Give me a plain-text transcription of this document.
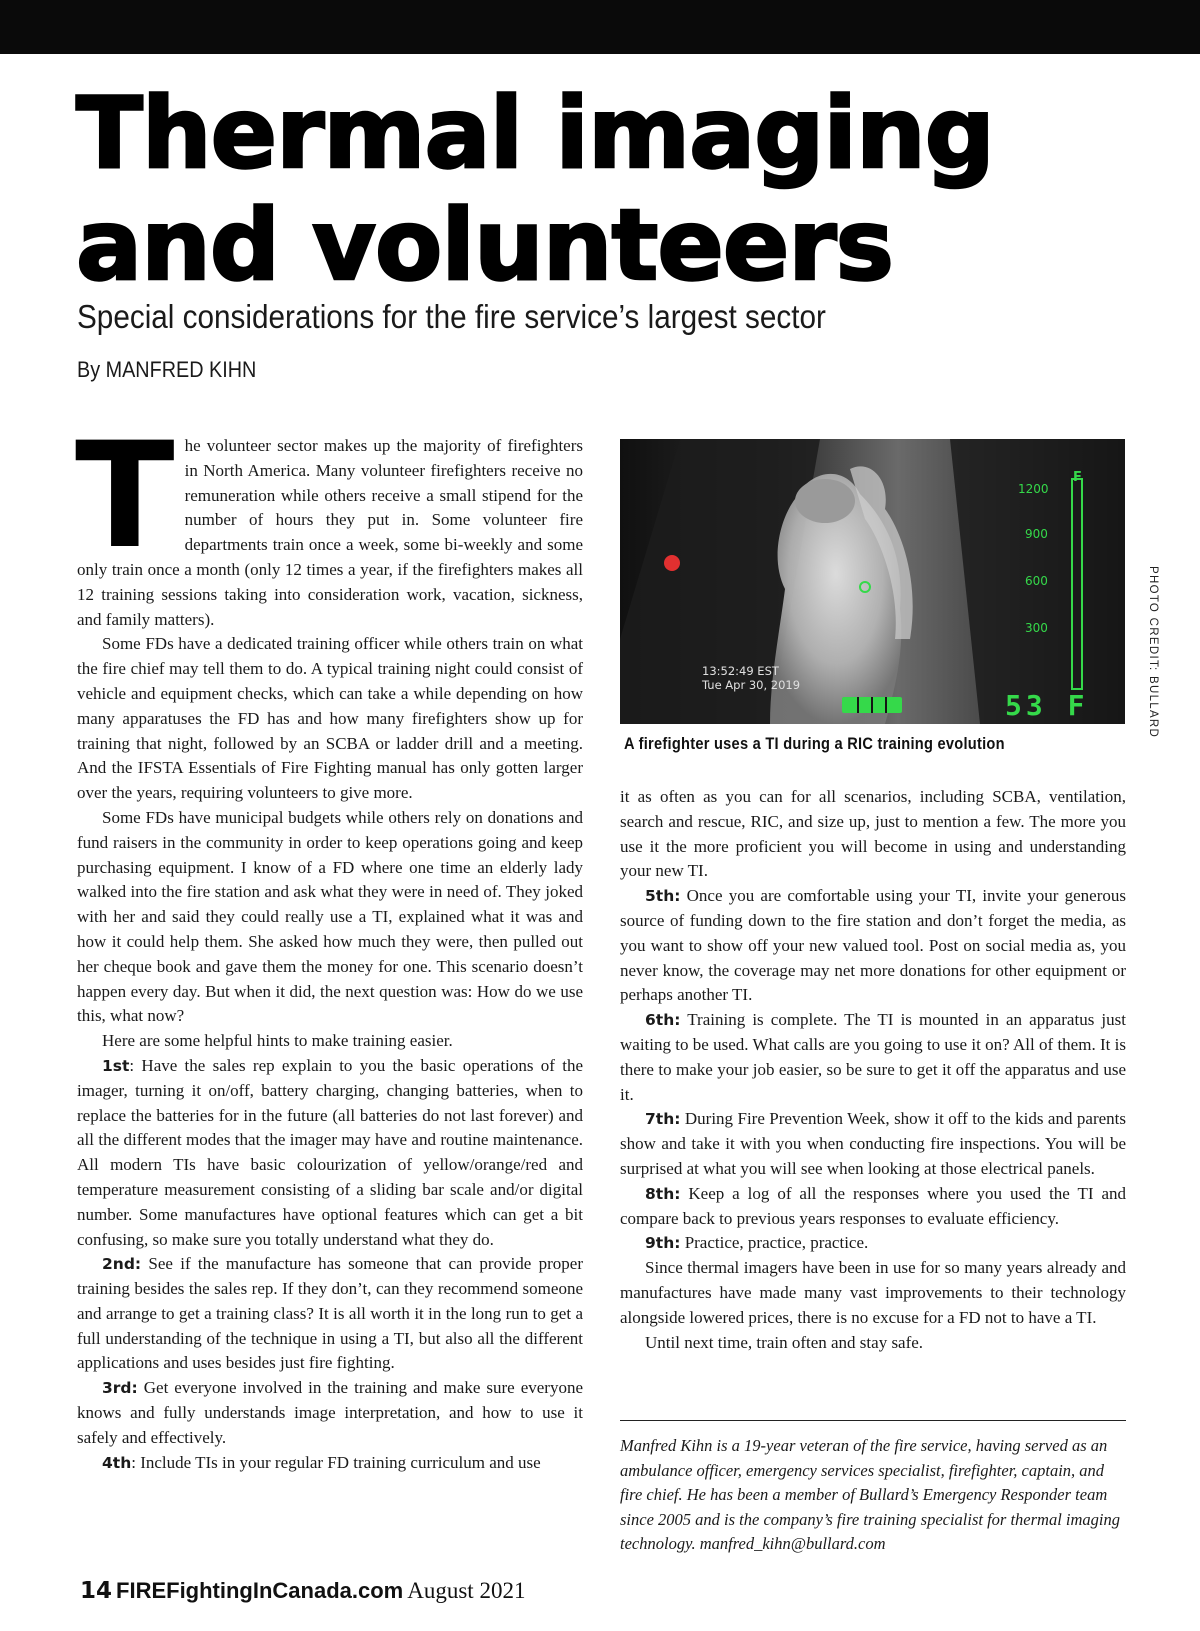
Thermal imaging
and volunteers
Special considerations for the fire service’s largest sector

By MANFRED KIHN

The volunteer sector makes up the majority of firefighters in North America. Many volunteer firefighters receive no remuneration while others receive a small stipend for the number of hours they put in. Some volunteer fire departments train once a week, some bi-weekly and some only train once a month (only 12 times a year, if the firefighters makes all 12 training sessions taking into consideration work, vacation, sickness, and family matters).

Some FDs have a dedicated training officer while others train on what the fire chief may tell them to do. A typical training night could consist of vehicle and equipment checks, which can take a while depending on how many apparatuses the FD has and how many firefighters show up for training that night, followed by an SCBA or ladder drill and a meeting. And the IFSTA Essentials of Fire Fighting manual has only gotten larger over the years, requiring volunteers to give more.

Some FDs have municipal budgets while others rely on donations and fund raisers in the community in order to keep operations going and keep purchasing equipment. I know of a FD where one time an elderly lady walked into the fire station and ask what they were in need of. They joked with her and said they could really use a TI, explained what it was and how it could help them. She asked how much they were, then pulled out her cheque book and gave them the money for one. This scenario doesn’t happen every day. But when it did, the next question was: How do we use this, what now?

Here are some helpful hints to make training easier.

1st: Have the sales rep explain to you the basic operations of the imager, turning it on/off, battery charging, changing batteries, when to replace the batteries for in the future (all batteries do not last forever) and all the different modes that the imager may have and routine maintenance. All modern TIs have basic colourization of yellow/orange/red and temperature measurement consisting of a sliding bar scale and/or digital number. Some manufactures have optional features which can get a bit confusing, so make sure you totally understand what they do.

2nd: See if the manufacture has someone that can provide proper training besides the sales rep. If they don’t, can they recommend someone and arrange to get a training class? It is all worth it in the long run to get a full understanding of the technique in using a TI, but also all the different applications and uses besides just fire fighting.

3rd: Get everyone involved in the training and make sure everyone knows and fully understands image interpretation, and how to use it safely and effectively.

4th: Include TIs in your regular FD training curriculum and use

F
1200
900
600
300
13:52:49 EST
Tue Apr 30, 2019
53 F	PHOTO CREDIT: BULLARD

A firefighter uses a TI during a RIC training evolution

it as often as you can for all scenarios, including SCBA, ventilation, search and rescue, RIC, and size up, just to mention a few. The more you use it the more proficient you will become in using and understanding your new TI.

5th: Once you are comfortable using your TI, invite your generous source of funding down to the fire station and don’t forget the media, as you want to show off your new valued tool. Post on social media as, you never know, the coverage may net more donations for other equipment or perhaps another TI.

6th: Training is complete. The TI is mounted in an apparatus just waiting to be used. What calls are you going to use it on? All of them. It is there to make your job easier, so be sure to get it off the apparatus and use it.

7th: During Fire Prevention Week, show it off to the kids and parents show and take it with you when conducting fire inspections. You will be surprised at what you will see when looking at those electrical panels.

8th: Keep a log of all the responses where you used the TI and compare back to previous years responses to evaluate efficiency.

9th: Practice, practice, practice.

Since thermal imagers have been in use for so many years already and manufactures have made many vast improvements to their technology alongside lowered prices, there is no excuse for a FD not to have a TI.

Until next time, train often and stay safe.

Manfred Kihn is a 19-year veteran of the fire service, having served as an ambulance officer, emergency services specialist, firefighter, captain, and fire chief. He has been a member of Bullard’s Emergency Responder team since 2005 and is the company’s fire training specialist for thermal imaging technology. manfred_kihn@bullard.com

14 FIREFightingInCanada.com August 2021
